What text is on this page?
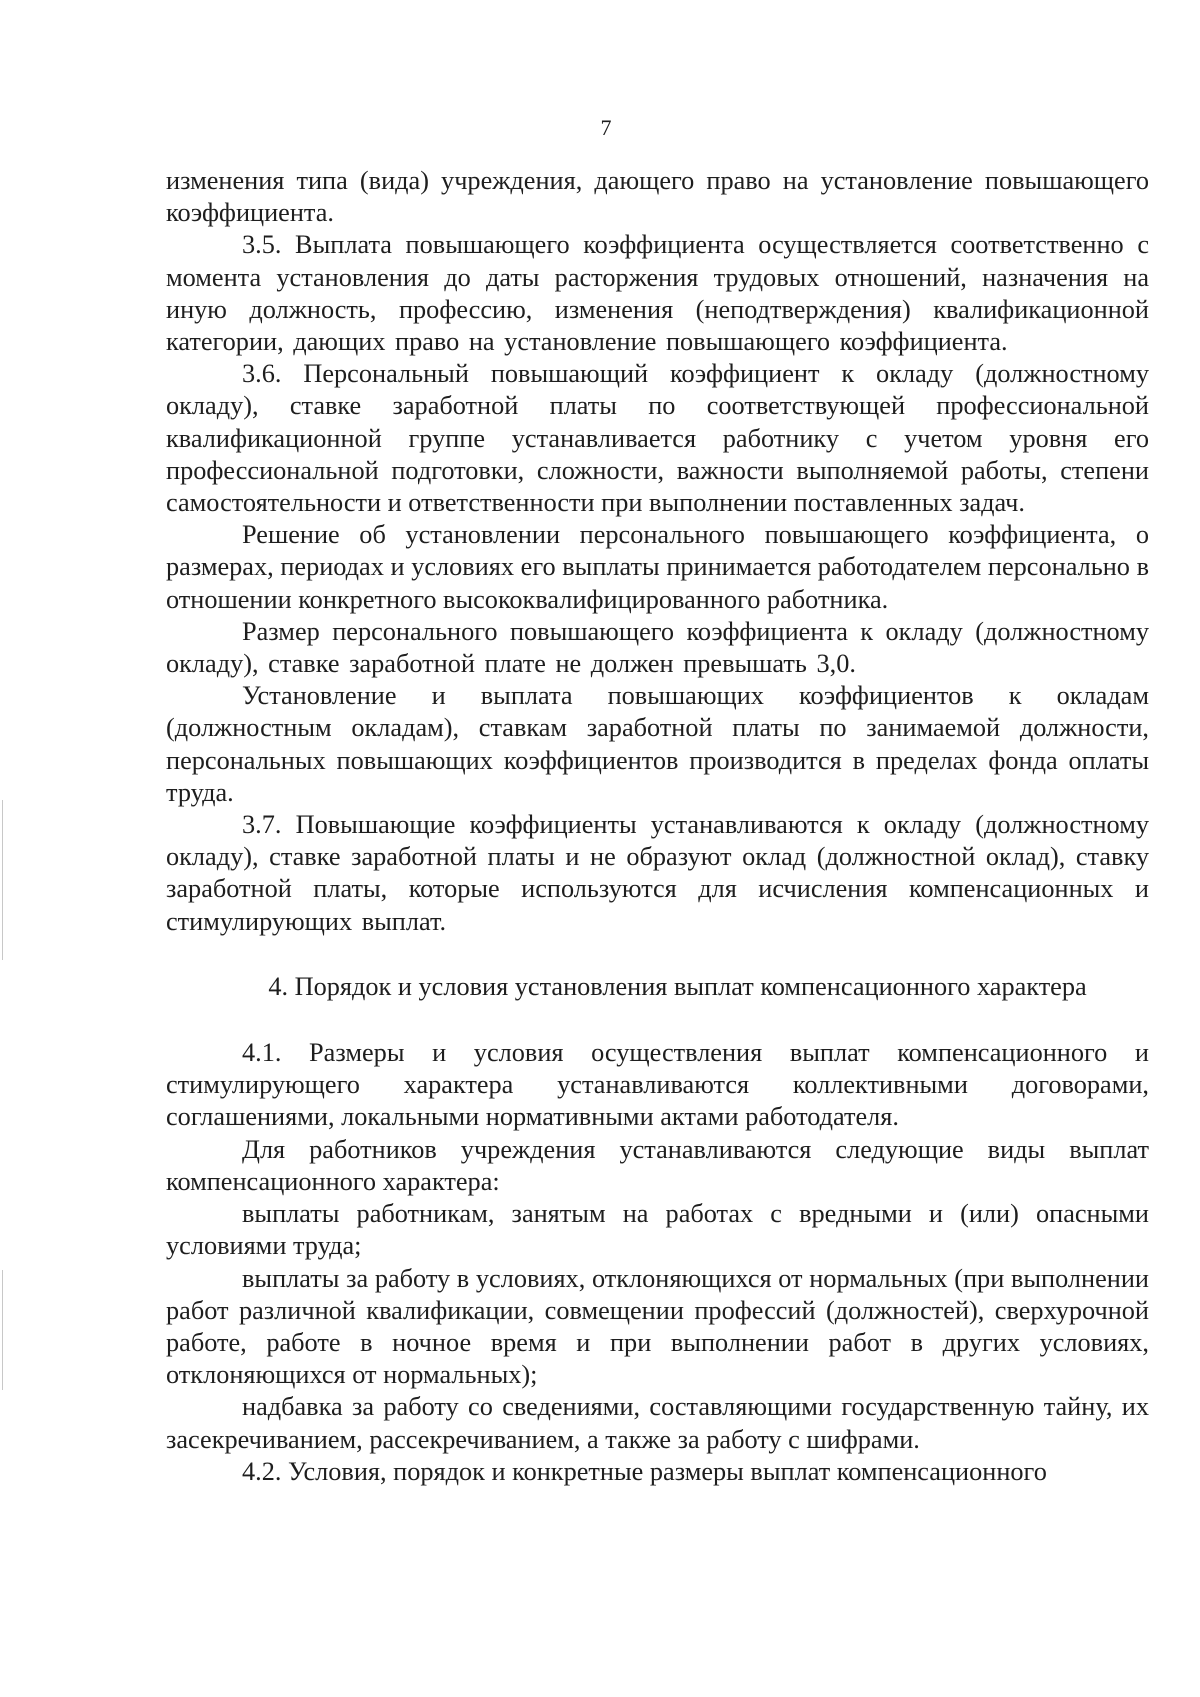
7

изменения типа (вида) учреждения, дающего право на установление повышающего коэффициента.

3.5. Выплата повышающего коэффициента осуществляется соответственно с момента установления до даты расторжения трудовых отношений, назначения на иную должность, профессию, изменения (неподтверждения) квалификационной категории, дающих право на установление повышающего коэффициента.

3.6. Персональный повышающий коэффициент к окладу (должностному окладу), ставке заработной платы по соответствующей профессиональной квалификационной группе устанавливается работнику с учетом уровня его профессиональной подготовки, сложности, важности выполняемой работы, степени самостоятельности и ответственности при выполнении поставленных задач.

Решение об установлении персонального повышающего коэффициента, о размерах, периодах и условиях его выплаты принимается работодателем персонально в отношении конкретного высококвалифицированного работника.

Размер персонального повышающего коэффициента к окладу (должностному окладу), ставке заработной плате не должен превышать 3,0.

Установление и выплата повышающих коэффициентов к окладам (должностным окладам), ставкам заработной платы по занимаемой должности, персональных повышающих коэффициентов производится в пределах фонда оплаты труда.

3.7. Повышающие коэффициенты устанавливаются к окладу (должностному окладу), ставке заработной платы и не образуют оклад (должностной оклад), ставку заработной платы, которые используются для исчисления компенсационных и стимулирующих выплат.

4. Порядок и условия установления выплат компенсационного характера

4.1. Размеры и условия осуществления выплат компенсационного и стимулирующего характера устанавливаются коллективными договорами, соглашениями, локальными нормативными актами работодателя.

Для работников учреждения устанавливаются следующие виды выплат компенсационного характера:

выплаты работникам, занятым на работах с вредными и (или) опасными условиями труда;

выплаты за работу в условиях, отклоняющихся от нормальных (при выполнении работ различной квалификации, совмещении профессий (должностей), сверхурочной работе, работе в ночное время и при выполнении работ в других условиях, отклоняющихся от нормальных);

надбавка за работу со сведениями, составляющими государственную тайну, их засекречиванием, рассекречиванием, а также за работу с шифрами.

4.2. Условия, порядок и конкретные размеры выплат компенсационного
